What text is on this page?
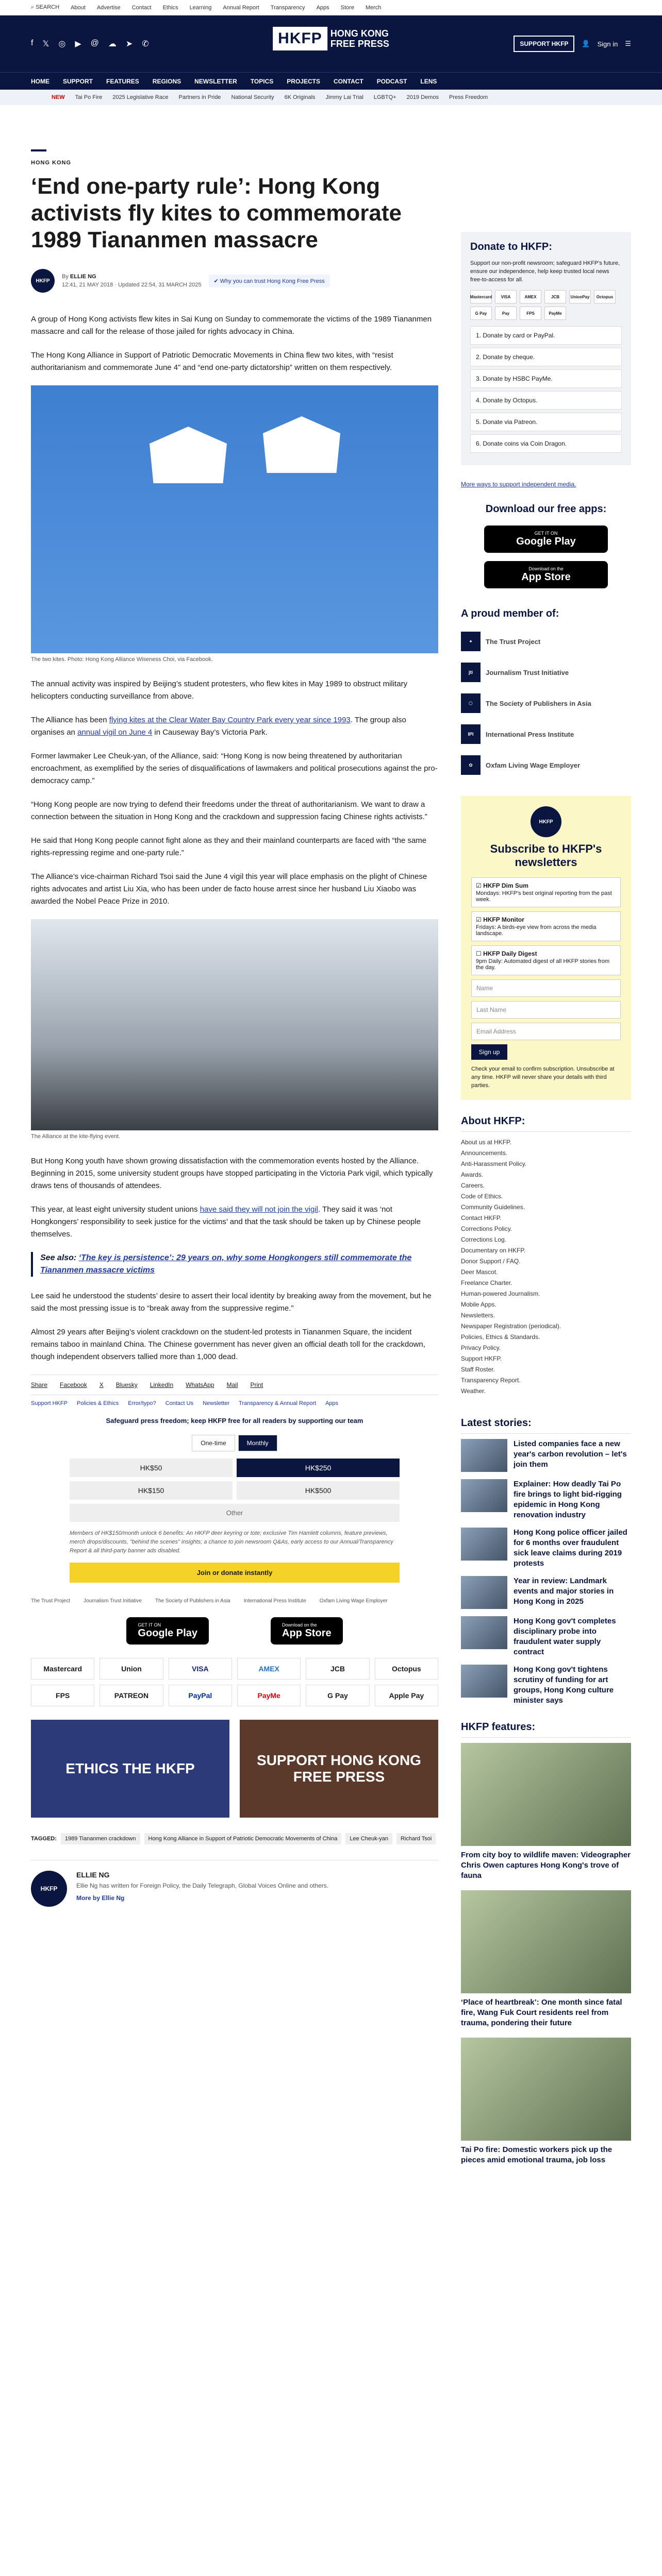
⌕ SEARCH About Advertise Contact Ethics Learning Annual Report Transparency Apps Store Merch
f 𝕏 ◎ ▶ @ ☁ ➤ ✆	HKFP HONG KONG
FREE PRESS	SUPPORT HKFP	👤 Sign in ☰
HOME SUPPORT FEATURES REGIONS NEWSLETTER TOPICS PROJECTS CONTACT PODCAST LENS
NEW Tai Po Fire 2025 Legislative Race Partners in Pride National Security 6K Originals Jimmy Lai Trial LGBTQ+ 2019 Demos Press Freedom
HONG KONG
‘End one-party rule’: Hong Kong activists fly kites to commemorate 1989 Tiananmen massacre
HKFP
By ELLIE NG
12:41, 21 MAY 2018 · Updated 22:54, 31 MARCH 2025
✔ Why you can trust Hong Kong Free Press

A group of Hong Kong activists flew kites in Sai Kung on Sunday to commemorate the victims of the 1989 Tiananmen massacre and call for the release of those jailed for rights advocacy in China.

The Hong Kong Alliance in Support of Patriotic Democratic Movements in China flew two kites, with “resist authoritarianism and commemorate June 4” and “end one-party dictatorship” written on them respectively.

The two kites. Photo: Hong Kong Alliance Wiseness Choi, via Facebook.

The annual activity was inspired by Beijing’s student protesters, who flew kites in May 1989 to obstruct military helicopters conducting surveillance from above.

The Alliance has been flying kites at the Clear Water Bay Country Park every year since 1993. The group also organises an annual vigil on June 4 in Causeway Bay’s Victoria Park.

Former lawmaker Lee Cheuk-yan, of the Alliance, said: “Hong Kong is now being threatened by authoritarian encroachment, as exemplified by the series of disqualifications of lawmakers and political prosecutions against the pro-democracy camp.”

“Hong Kong people are now trying to defend their freedoms under the threat of authoritarianism. We want to draw a connection between the situation in Hong Kong and the crackdown and suppression facing Chinese rights activists.”

He said that Hong Kong people cannot fight alone as they and their mainland counterparts are faced with “the same rights-repressing regime and one-party rule.”

The Alliance’s vice-chairman Richard Tsoi said the June 4 vigil this year will place emphasis on the plight of Chinese rights advocates and artist Liu Xia, who has been under de facto house arrest since her husband Liu Xiaobo was awarded the Nobel Peace Prize in 2010.

The Alliance at the kite-flying event.

But Hong Kong youth have shown growing dissatisfaction with the commemoration events hosted by the Alliance. Beginning in 2015, some university student groups have stopped participating in the Victoria Park vigil, which typically draws tens of thousands of attendees.

This year, at least eight university student unions have said they will not join the vigil. They said it was ‘not Hongkongers’ responsibility to seek justice for the victims’ and that the task should be taken up by Chinese people themselves.

See also: ‘The key is persistence’: 29 years on, why some Hongkongers still commemorate the Tiananmen massacre victims

Lee said he understood the students’ desire to assert their local identity by breaking away from the movement, but he said the most pressing issue is to “break away from the suppressive regime.”

Almost 29 years after Beijing’s violent crackdown on the student-led protests in Tiananmen Square, the incident remains taboo in mainland China. The Chinese government has never given an official death toll for the crackdown, though independent observers tallied more than 1,000 dead.

Share Facebook X Bluesky LinkedIn WhatsApp Mail Print
Support HKFP Policies & Ethics Error/typo? Contact Us Newsletter Transparency & Annual Report Apps
Safeguard press freedom; keep HKFP free for all readers by supporting our team
One-time	Monthly
HK$50	HK$250
HK$150	HK$500
Other
Members of HK$150/month unlock 6 benefits: An HKFP deer keyring or tote; exclusive Tim Hamlett columns, feature previews, merch drops/discounts, "behind the scenes" insights; a chance to join newsroom Q&As, early access to our Annual/Transparency Report & all third-party banner ads disabled.
Join or donate instantly
The Trust Project	Journalism Trust Initiative	The Society of Publishers in Asia	International Press Institute	Oxfam Living Wage Employer
GET IT ON
Google Play
Download on the
App Store
Mastercard	Union	VISA	AMEX	JCB	Octopus
FPS	PATREON	PayPal	PayMe	G Pay	Apple Pay
ETHICS THE HKFP
SUPPORT HONG KONG FREE PRESS
TAGGED:	1989 Tiananmen crackdown	Hong Kong Alliance in Support of Patriotic Democratic Movements of China	Lee Cheuk-yan	Richard Tsoi
HKFP
ELLIE NG
Ellie Ng has written for Foreign Policy, the Daily Telegraph, Global Voices Online and others.
More by Ellie Ng
Donate to HKFP:
Support our non-profit newsroom; safeguard HKFP's future, ensure our independence, help keep trusted local news free-to-access for all.
Mastercard	VISA	AMEX	JCB	UnionPay	Octopus
G Pay	Pay	FPS	PayMe
1. Donate by card or PayPal.
2. Donate by cheque.
3. Donate by HSBC PayMe.
4. Donate by Octopus.
5. Donate via Patreon.
6. Donate coins via Coin Dragon.
More ways to support independent media.
Download our free apps:
GET IT ON
Google Play
Download on the
App Store
A proud member of:
✦	The Trust Project
jti	Journalism Trust Initiative
⬡	The Society of Publishers in Asia
IPI	International Press Institute
✿	Oxfam Living Wage Employer
HKFP
Subscribe to HKFP's newsletters
☑ HKFP Dim Sum
Mondays: HKFP's best original reporting from the past week.
☑ HKFP Monitor
Fridays: A birds-eye view from across the media landscape.
☐ HKFP Daily Digest
9pm Daily: Automated digest of all HKFP stories from the day.
Name
Last Name
Email Address
Sign up
Check your email to confirm subscription. Unsubscribe at any time. HKFP will never share your details with third parties.
About HKFP:
About us at HKFP.
Announcements.
Anti-Harassment Policy.
Awards.
Careers.
Code of Ethics.
Community Guidelines.
Contact HKFP.
Corrections Policy.
Corrections Log.
Documentary on HKFP.
Donor Support / FAQ.
Deer Mascot.
Freelance Charter.
Human-powered Journalism.
Mobile Apps.
Newsletters.
Newspaper Registration (periodical).
Policies, Ethics & Standards.
Privacy Policy.
Support HKFP.
Staff Roster.
Transparency Report.
Weather.
Latest stories:
Listed companies face a new year's carbon revolution – let's join them
Explainer: How deadly Tai Po fire brings to light bid-rigging epidemic in Hong Kong renovation industry
Hong Kong police officer jailed for 6 months over fraudulent sick leave claims during 2019 protests
Year in review: Landmark events and major stories in Hong Kong in 2025
Hong Kong gov't completes disciplinary probe into fraudulent water supply contract
Hong Kong gov't tightens scrutiny of funding for art groups, Hong Kong culture minister says
HKFP features:
From city boy to wildlife maven: Videographer Chris Owen captures Hong Kong's trove of fauna
‘Place of heartbreak’: One month since fatal fire, Wang Fuk Court residents reel from trauma, pondering their future
Tai Po fire: Domestic workers pick up the pieces amid emotional trauma, job loss
